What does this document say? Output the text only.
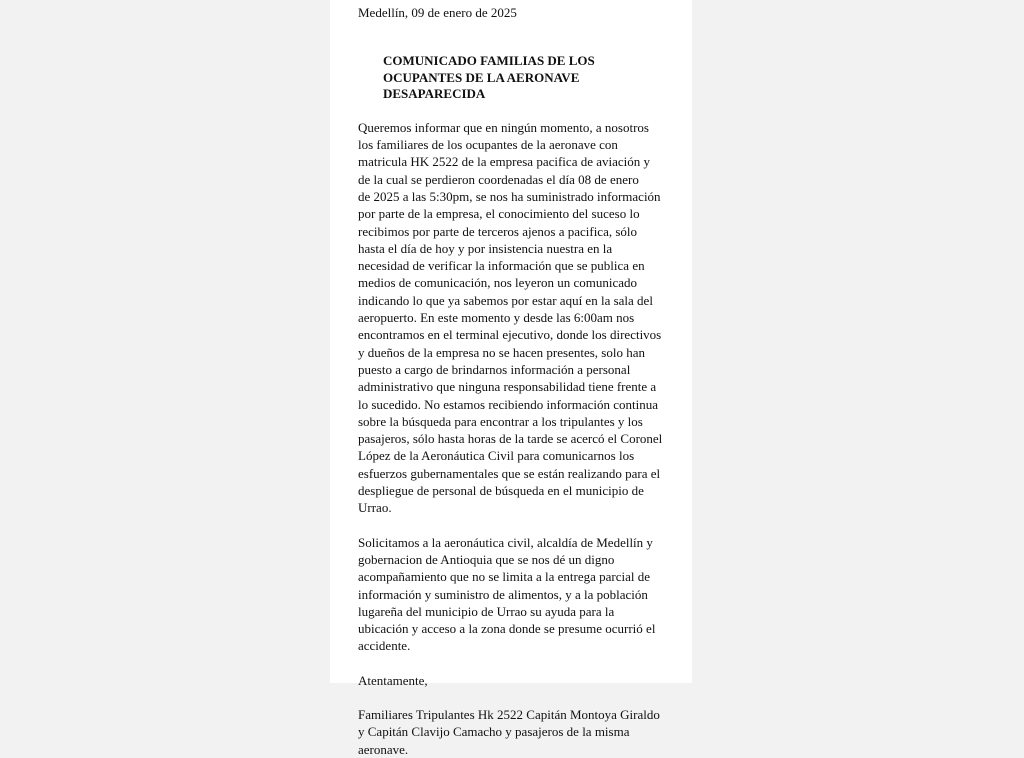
Medellín, 09 de enero de 2025

COMUNICADO FAMILIAS DE LOS
OCUPANTES DE LA AERONAVE
DESAPARECIDA

Queremos informar que en ningún momento, a nosotros
los familiares de los ocupantes de la aeronave con
matricula HK 2522 de la empresa pacifica de aviación y
de la cual se perdieron coordenadas el día 08 de enero
de 2025 a las 5:30pm, se nos ha suministrado información
por parte de la empresa, el conocimiento del suceso lo
recibimos por parte de terceros ajenos a pacifica, sólo
hasta el día de hoy y por insistencia nuestra en la
necesidad de verificar la información que se publica en
medios de comunicación, nos leyeron un comunicado
indicando lo que ya sabemos por estar aquí en la sala del
aeropuerto. En este momento y desde las 6:00am nos
encontramos en el terminal ejecutivo, donde los directivos
y dueños de la empresa no se hacen presentes, solo han
puesto a cargo de brindarnos información a personal
administrativo que ninguna responsabilidad tiene frente a
lo sucedido. No estamos recibiendo información continua
sobre la búsqueda para encontrar a los tripulantes y los
pasajeros, sólo hasta horas de la tarde se acercó el Coronel
López de la Aeronáutica Civil para comunicarnos los
esfuerzos gubernamentales que se están realizando para el
despliegue de personal de búsqueda en el municipio de
Urrao.

Solicitamos a la aeronáutica civil, alcaldía de Medellín y
gobernacion de Antioquia que se nos dé un digno
acompañamiento que no se limita a la entrega parcial de
información y suministro de alimentos, y a la población
lugareña del municipio de Urrao su ayuda para la
ubicación y acceso a la zona donde se presume ocurrió el
accidente.

Atentamente,

Familiares Tripulantes Hk 2522 Capitán Montoya Giraldo
y Capitán Clavijo Camacho y pasajeros de la misma
aeronave.
